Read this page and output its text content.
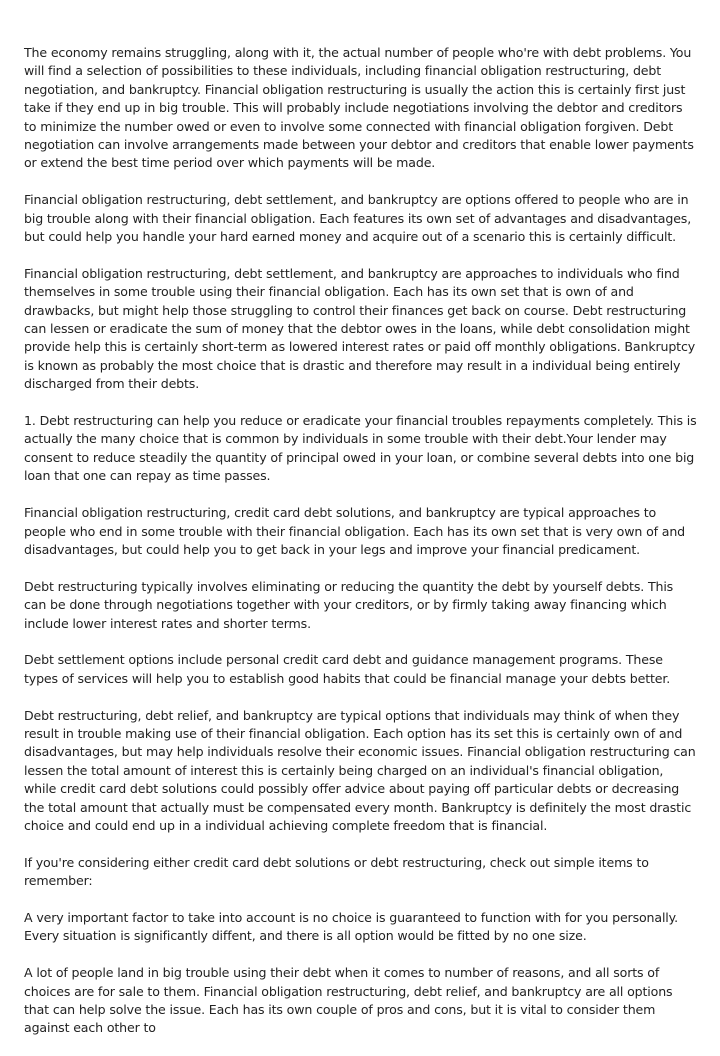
The economy remains struggling, along with it, the actual number of people who're with debt problems. You will find a selection of possibilities to these individuals, including financial obligation restructuring, debt negotiation, and bankruptcy. Financial obligation restructuring is usually the action this is certainly first just take if they end up in big trouble. This will probably include negotiations involving the debtor and creditors to minimize the number owed or even to involve some connected with financial obligation forgiven. Debt negotiation can involve arrangements made between your debtor and creditors that enable lower payments or extend the best time period over which payments will be made.

Financial obligation restructuring, debt settlement, and bankruptcy are options offered to people who are in big trouble along with their financial obligation. Each features its own set of advantages and disadvantages, but could help you handle your hard earned money and acquire out of a scenario this is certainly difficult.

Financial obligation restructuring, debt settlement, and bankruptcy are approaches to individuals who find themselves in some trouble using their financial obligation. Each has its own set that is own of and drawbacks, but might help those struggling to control their finances get back on course. Debt restructuring can lessen or eradicate the sum of money that the debtor owes in the loans, while debt consolidation might provide help this is certainly short-term as lowered interest rates or paid off monthly obligations. Bankruptcy is known as probably the most choice that is drastic and therefore may result in a individual being entirely discharged from their debts.

1. Debt restructuring can help you reduce or eradicate your financial troubles repayments completely. This is actually the many choice that is common by individuals in some trouble with their debt.Your lender may consent to reduce steadily the quantity of principal owed in your loan, or combine several debts into one big loan that one can repay as time passes.

Financial obligation restructuring, credit card debt solutions, and bankruptcy are typical approaches to people who end in some trouble with their financial obligation. Each has its own set that is very own of and disadvantages, but could help you to get back in your legs and improve your financial predicament.

Debt restructuring typically involves eliminating or reducing the quantity the debt by yourself debts. This can be done through negotiations together with your creditors, or by firmly taking away financing which include lower interest rates and shorter terms.

Debt settlement options include personal credit card debt and guidance management programs. These types of services will help you to establish good habits that could be financial manage your debts better.

Debt restructuring, debt relief, and bankruptcy are typical options that individuals may think of when they result in trouble making use of their financial obligation. Each option has its set this is certainly own of and disadvantages, but may help individuals resolve their economic issues. Financial obligation restructuring can lessen the total amount of interest this is certainly being charged on an individual's financial obligation, while credit card debt solutions could possibly offer advice about paying off particular debts or decreasing the total amount that actually must be compensated every month. Bankruptcy is definitely the most drastic choice and could end up in a individual achieving complete freedom that is financial.

If you're considering either credit card debt solutions or debt restructuring, check out simple items to remember:

A very important factor to take into account is no choice is guaranteed to function with for you personally. Every situation is significantly diffent, and there is all option would be fitted by no one size.

A lot of people land in big trouble using their debt when it comes to number of reasons, and all sorts of choices are for sale to them. Financial obligation restructuring, debt relief, and bankruptcy are all options that can help solve the issue. Each has its own couple of pros and cons, but it is vital to consider them against each other to
